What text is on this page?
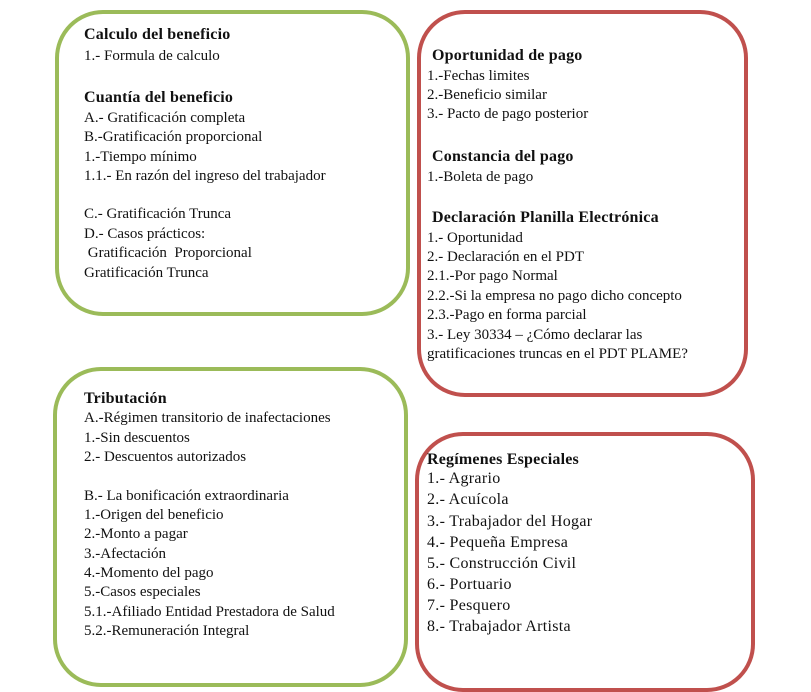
Calculo del beneficio
1.- Formula de calculo
Cuantía del beneficio
A.- Gratificación completa
B.-Gratificación proporcional
1.-Tiempo mínimo
1.1.- En razón del ingreso del trabajador
C.- Gratificación Trunca
D.- Casos prácticos:
Gratificación  Proporcional
Gratificación Trunca
Oportunidad de pago
1.-Fechas limites
2.-Beneficio similar
3.- Pacto de pago posterior
Constancia del pago
1.-Boleta de pago
Declaración Planilla Electrónica
1.- Oportunidad
2.- Declaración en el PDT
2.1.-Por pago Normal
2.2.-Si la empresa no pago dicho concepto
2.3.-Pago en forma parcial
3.- Ley 30334 – ¿Cómo declarar las
gratificaciones truncas en el PDT PLAME?
Tributación
A.-Régimen transitorio de inafectaciones
1.-Sin descuentos
2.- Descuentos autorizados
B.- La bonificación extraordinaria
1.-Origen del beneficio
2.-Monto a pagar
3.-Afectación
4.-Momento del pago
5.-Casos especiales
5.1.-Afiliado Entidad Prestadora de Salud
5.2.-Remuneración Integral
Regímenes Especiales
1.- Agrario
2.- Acuícola
3.- Trabajador del Hogar
4.- Pequeña Empresa
5.- Construcción Civil
6.- Portuario
7.- Pesquero
8.- Trabajador Artista
